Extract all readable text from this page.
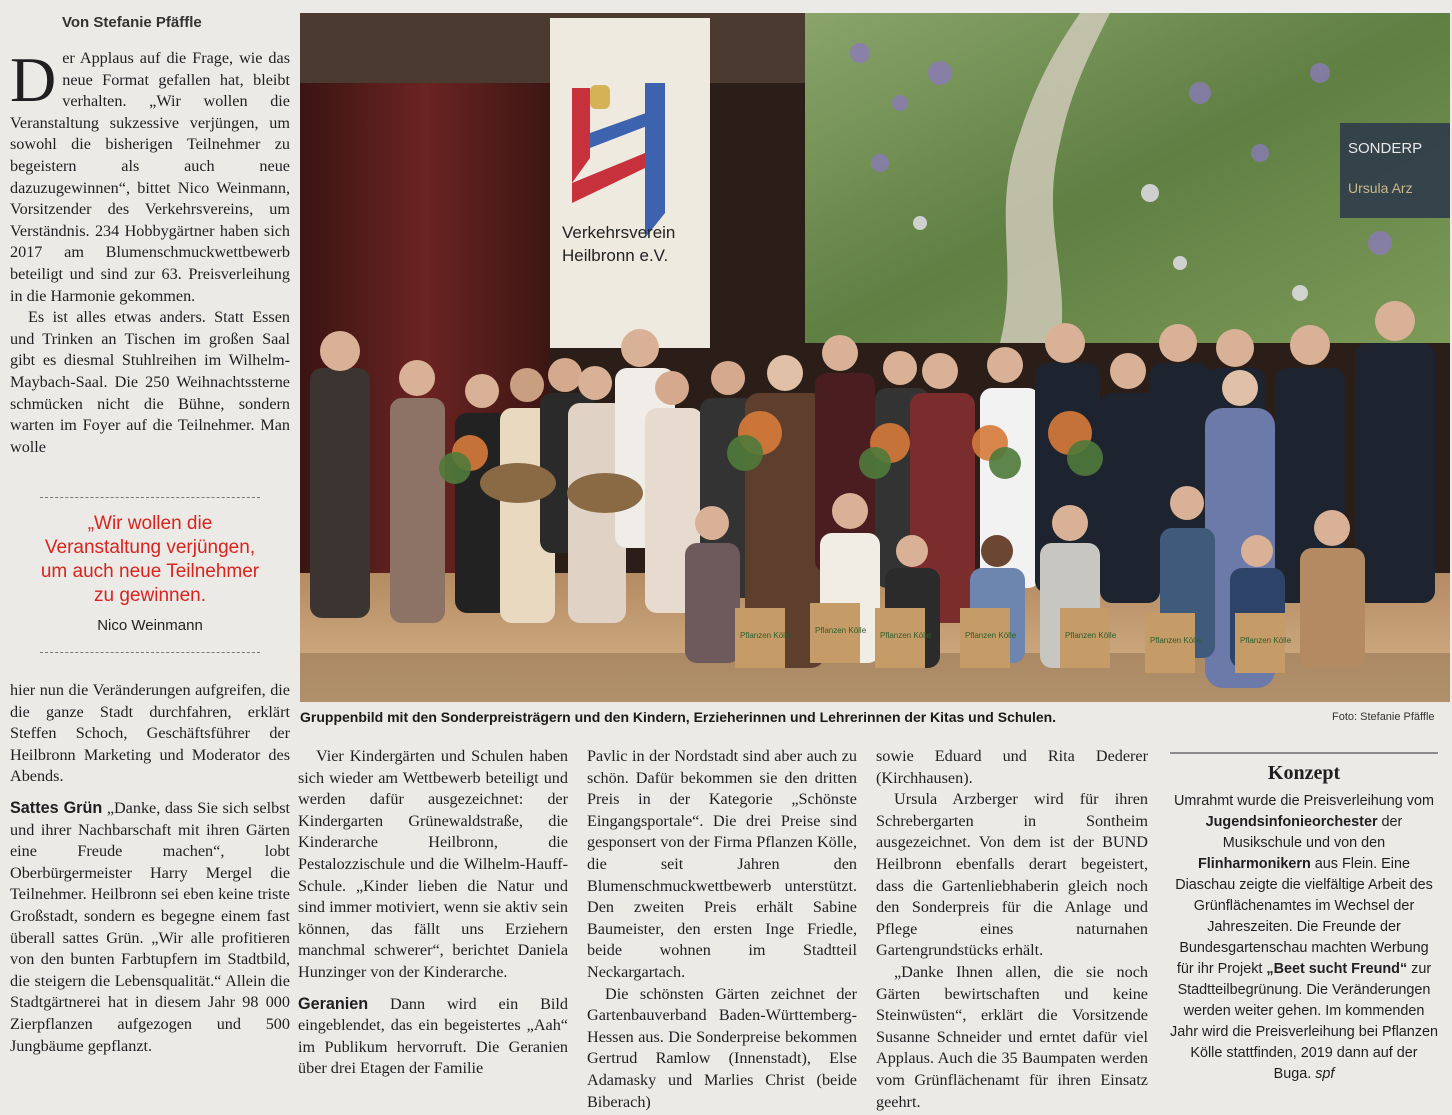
Von Stefanie Pfäffle

Der Applaus auf die Frage, wie das neue Format gefallen hat, bleibt verhalten. „Wir wollen die Veranstaltung sukzessive verjüngen, um sowohl die bisherigen Teilnehmer zu begeistern als auch neue dazuzugewinnen“, bittet Nico Weinmann, Vorsitzender des Verkehrsvereins, um Verständnis. 234 Hobbygärtner haben sich 2017 am Blumenschmuckwettbewerb beteiligt und sind zur 63. Preisverleihung in die Harmonie gekommen.

Es ist alles etwas anders. Statt Essen und Trinken an Tischen im großen Saal gibt es diesmal Stuhlreihen im Wilhelm-Maybach-Saal. Die 250 Weihnachtssterne schmücken nicht die Bühne, sondern warten im Foyer auf die Teilnehmer. Man wolle

„Wir wollen die Veranstaltung verjüngen, um auch neue Teilnehmer zu gewinnen.
Nico Weinmann

hier nun die Veränderungen aufgreifen, die die ganze Stadt durchfahren, erklärt Steffen Schoch, Geschäftsführer der Heilbronn Marketing und Moderator des Abends.

Sattes Grün „Danke, dass Sie sich selbst und ihrer Nachbarschaft mit ihren Gärten eine Freude machen“, lobt Oberbürgermeister Harry Mergel die Teilnehmer. Heilbronn sei eben keine triste Großstadt, sondern es begegne einem fast überall sattes Grün. „Wir alle profitieren von den bunten Farbtupfern im Stadtbild, die steigern die Lebensqualität.“ Allein die Stadtgärtnerei hat in diesem Jahr 98 000 Zierpflanzen aufgezogen und 500 Jungbäume gepflanzt.

SONDERP
Ursula Arz
Verkehrsverein
Heilbronn e.V.
Pflanzen Kölle
Pflanzen Kölle
Pflanzen Kölle	Pflanzen Kölle	Pflanzen Kölle
Pflanzen Kölle	Pflanzen Kölle
Gruppenbild mit den Sonderpreisträgern und den Kindern, Erzieherinnen und Lehrerinnen der Kitas und Schulen.	Foto: Stefanie Pfäffle

Vier Kindergärten und Schulen haben sich wieder am Wettbewerb beteiligt und werden dafür ausgezeichnet: der Kindergarten Grünewaldstraße, die Kinderarche Heilbronn, die Pestalozzischule und die Wilhelm-Hauff-Schule. „Kinder lieben die Natur und sind immer motiviert, wenn sie aktiv sein können, das fällt uns Erziehern manchmal schwerer“, berichtet Daniela Hunzinger von der Kinderarche.

Geranien Dann wird ein Bild eingeblendet, das ein begeistertes „Aah“ im Publikum hervorruft. Die Geranien über drei Etagen der Familie

Pavlic in der Nordstadt sind aber auch zu schön. Dafür bekommen sie den dritten Preis in der Kategorie „Schönste Eingangsportale“. Die drei Preise sind gesponsert von der Firma Pflanzen Kölle, die seit Jahren den Blumenschmuckwettbewerb unterstützt. Den zweiten Preis erhält Sabine Baumeister, den ersten Inge Friedle, beide wohnen im Stadtteil Neckargartach.

Die schönsten Gärten zeichnet der Gartenbauverband Baden-Württemberg-Hessen aus. Die Sonderpreise bekommen Gertrud Ramlow (Innenstadt), Else Adamasky und Marlies Christ (beide Biberach)

sowie Eduard und Rita Dederer (Kirchhausen).

Ursula Arzberger wird für ihren Schrebergarten in Sontheim ausgezeichnet. Von dem ist der BUND Heilbronn ebenfalls derart begeistert, dass die Gartenliebhaberin gleich noch den Sonderpreis für die Anlage und Pflege eines naturnahen Gartengrundstücks erhält.

„Danke Ihnen allen, die sie noch Gärten bewirtschaften und keine Steinwüsten“, erklärt die Vorsitzende Susanne Schneider und erntet dafür viel Applaus. Auch die 35 Baumpaten werden vom Grünflächenamt für ihren Einsatz geehrt.

Konzept
Umrahmt wurde die Preisverleihung vom Jugendsinfonieorchester der Musikschule und von den Flinharmonikern aus Flein. Eine Diaschau zeigte die vielfältige Arbeit des Grünflächenamtes im Wechsel der Jahreszeiten. Die Freunde der Bundesgartenschau machten Werbung für ihr Projekt „Beet sucht Freund“ zur Stadtteilbegrünung. Die Veränderungen werden weiter gehen. Im kommenden Jahr wird die Preisverleihung bei Pflanzen Kölle stattfinden, 2019 dann auf der Buga. spf
